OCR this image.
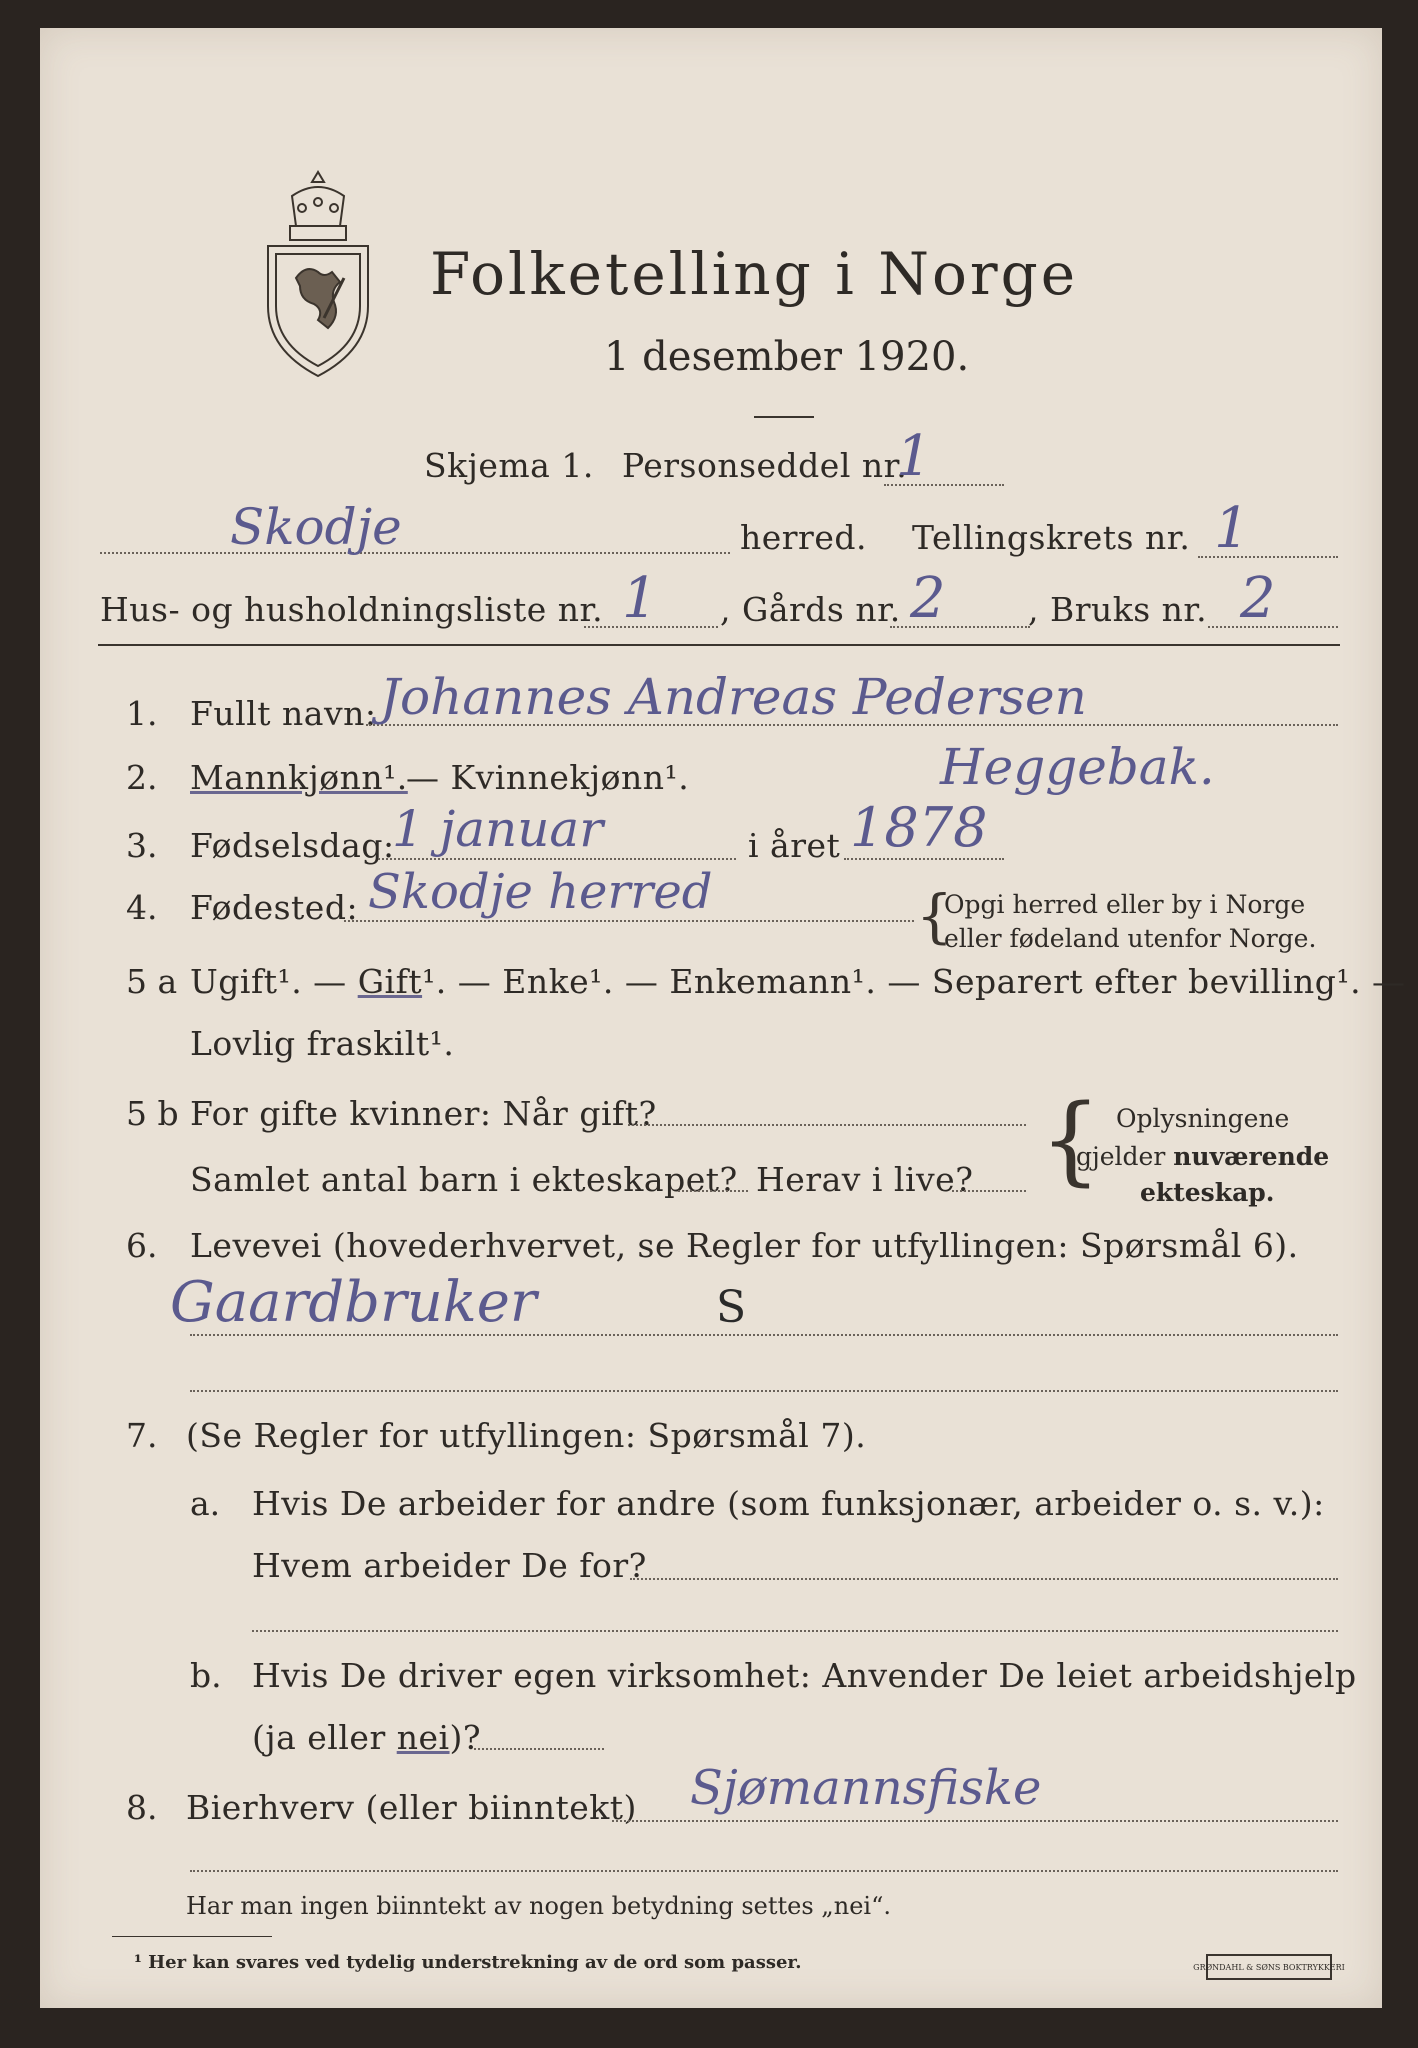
Folketelling i Norge
1 desember 1920.
Skjema 1. Personseddel nr.
1
Skodje	herred. Tellingskrets nr. 1
Hus- og husholdningsliste nr. 1 , Gårds nr. 2 , Bruks nr. 2
1. Fullt navn: Johannes Andreas Pedersen
Heggebak.
2. Mannkjønn¹.
— Kvinnekjønn¹.
3. Fødselsdag:
1 januar	i året 1878
4. Fødested: Skodje herred	{
Opgi herred eller by i Norge
eller fødeland utenfor Norge.
5 a Ugift¹. — Gift¹. — Enke¹. — Enkemann¹. — Separert efter bevilling¹. —
Lovlig fraskilt¹.
5 b For gifte kvinner: Når gift?
Samlet antal barn i ekteskapet? Herav i live? { Oplysningene
gjelder nuværende
ekteskap.
6. Levevei (hovederhvervet, se Regler for utfyllingen: Spørsmål 6).
Gaardbruker	S
7. (Se Regler for utfyllingen: Spørsmål 7).
a. Hvis De arbeider for andre (som funksjonær, arbeider o. s. v.):
Hvem arbeider De for?
b. Hvis De driver egen virksomhet: Anvender De leiet arbeidshjelp
(ja eller nei)?
8. Bierhverv (eller biinntekt) Sjømannsfiske
Har man ingen biinntekt av nogen betydning settes „nei“.
¹ Her kan svares ved tydelig understrekning av de ord som passer.	GRØNDAHL & SØNS BOKTRYKKERI
